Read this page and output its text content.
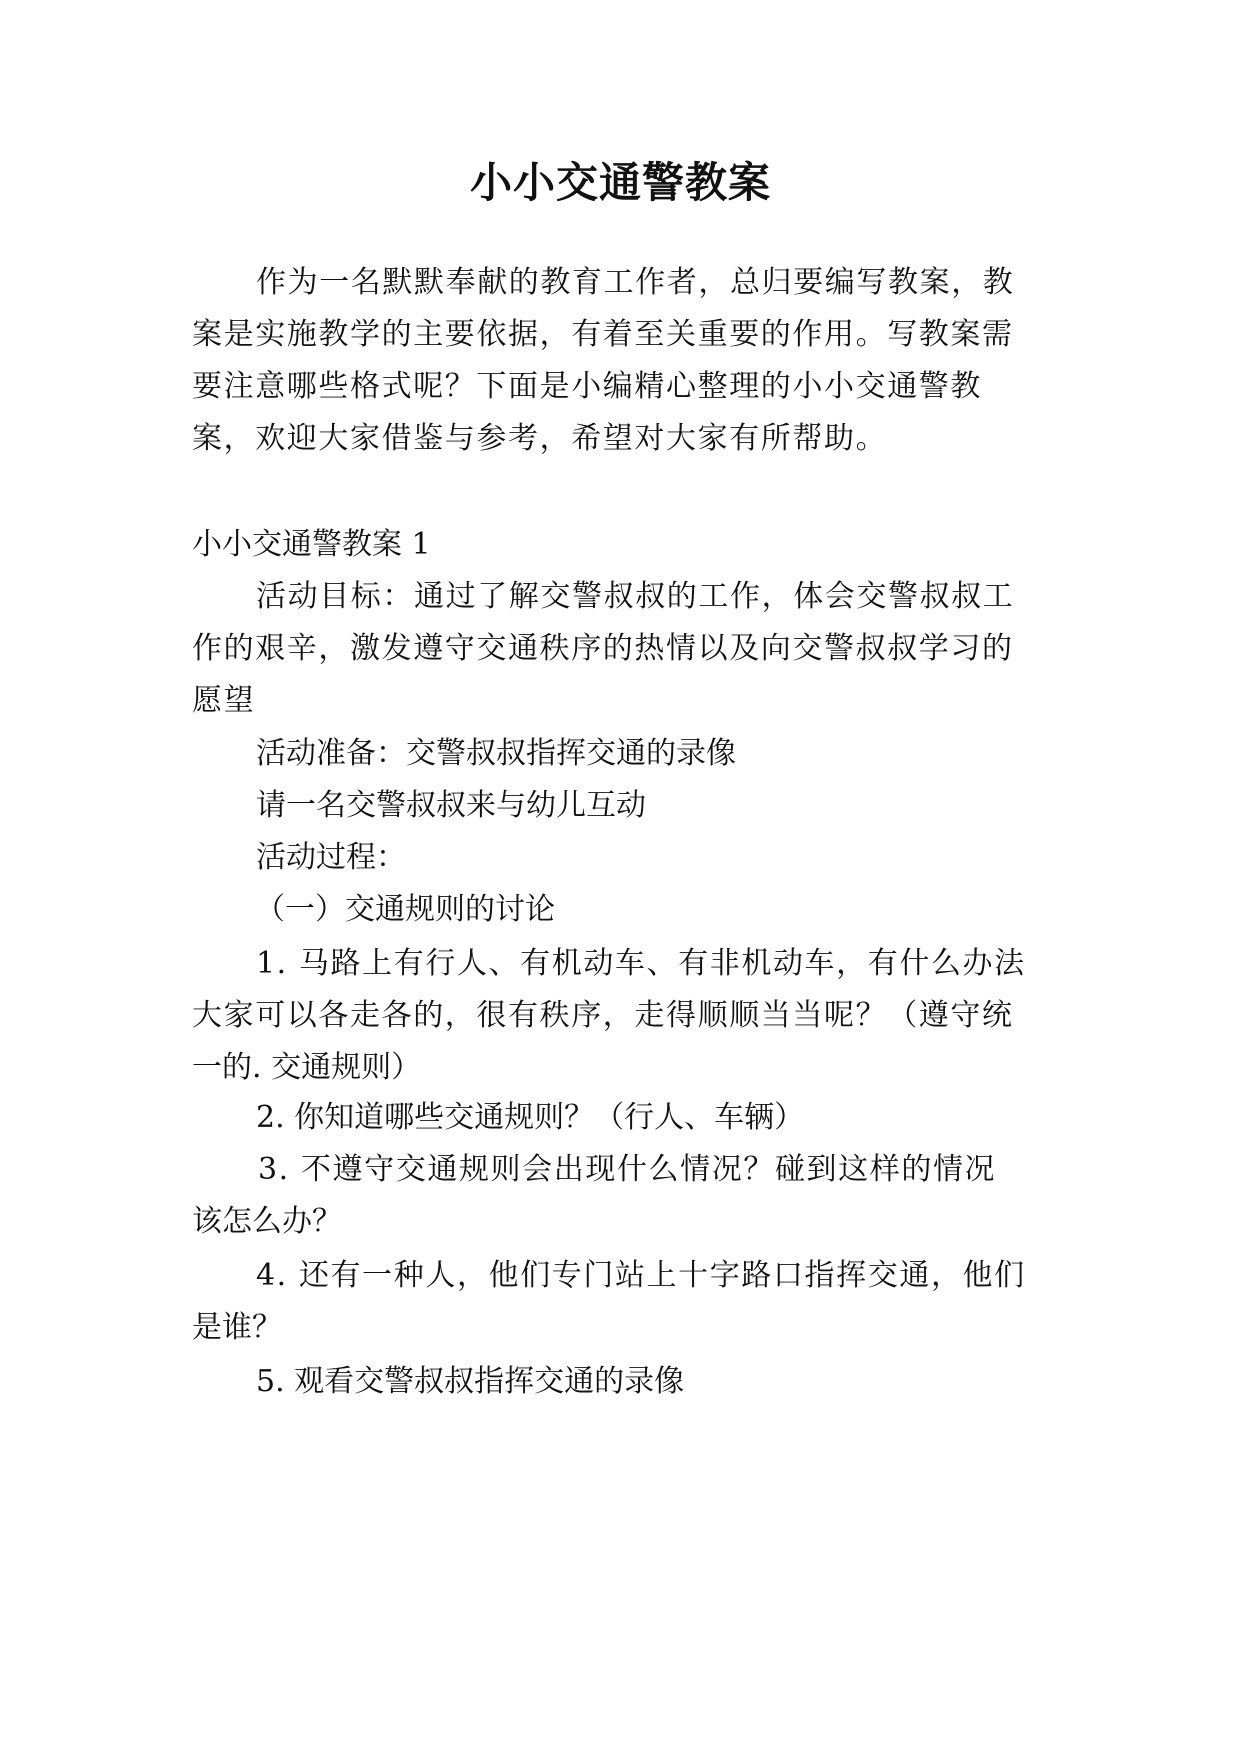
小小交通警教案

作为一名默默奉献的教育工作者，总归要编写教案，教

案是实施教学的主要依据，有着至关重要的作用。写教案需

要注意哪些格式呢？下面是小编精心整理的小小交通警教

案，欢迎大家借鉴与参考，希望对大家有所帮助。

小小交通警教案 1

活动目标：通过了解交警叔叔的工作，体会交警叔叔工

作的艰辛，激发遵守交通秩序的热情以及向交警叔叔学习的

愿望

活动准备：交警叔叔指挥交通的录像

请一名交警叔叔来与幼儿互动

活动过程：

（一）交通规则的讨论

1. 马路上有行人、有机动车、有非机动车，有什么办法

大家可以各走各的，很有秩序，走得顺顺当当呢？（遵守统

一的. 交通规则）

2. 你知道哪些交通规则？（行人、车辆）

3. 不遵守交通规则会出现什么情况？碰到这样的情况

该怎么办？

4. 还有一种人，他们专门站上十字路口指挥交通，他们

是谁？

5. 观看交警叔叔指挥交通的录像
